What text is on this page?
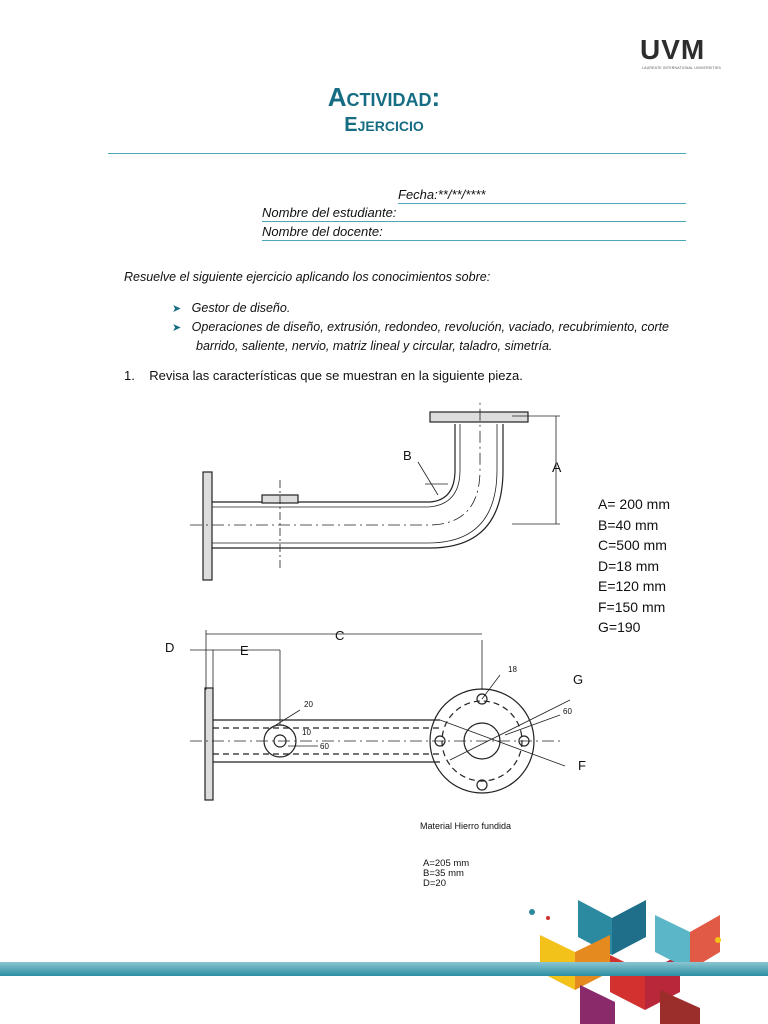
UVM
LAUREATE INTERNATIONAL UNIVERSITIES
Actividad:
Ejercicio
Fecha:**/**/****
Nombre del estudiante:
Nombre del docente:
Resuelve el siguiente ejercicio aplicando los conocimientos sobre:
➤ Gestor de diseño.
➤ Operaciones de diseño, extrusión, redondeo, revolución, vaciado, recubrimiento, corte
barrido, saliente, nervio, matriz lineal y circular, taladro, simetría.
1. Revisa las características que se muestran en la siguiente pieza.
B
A
C
D	E
G
F
18
20
10
60
60
Material Hierro fundida
A= 200 mm
B=40 mm
C=500 mm
D=18 mm
E=120 mm
F=150 mm
G=190
A=205 mm
B=35 mm
D=20
